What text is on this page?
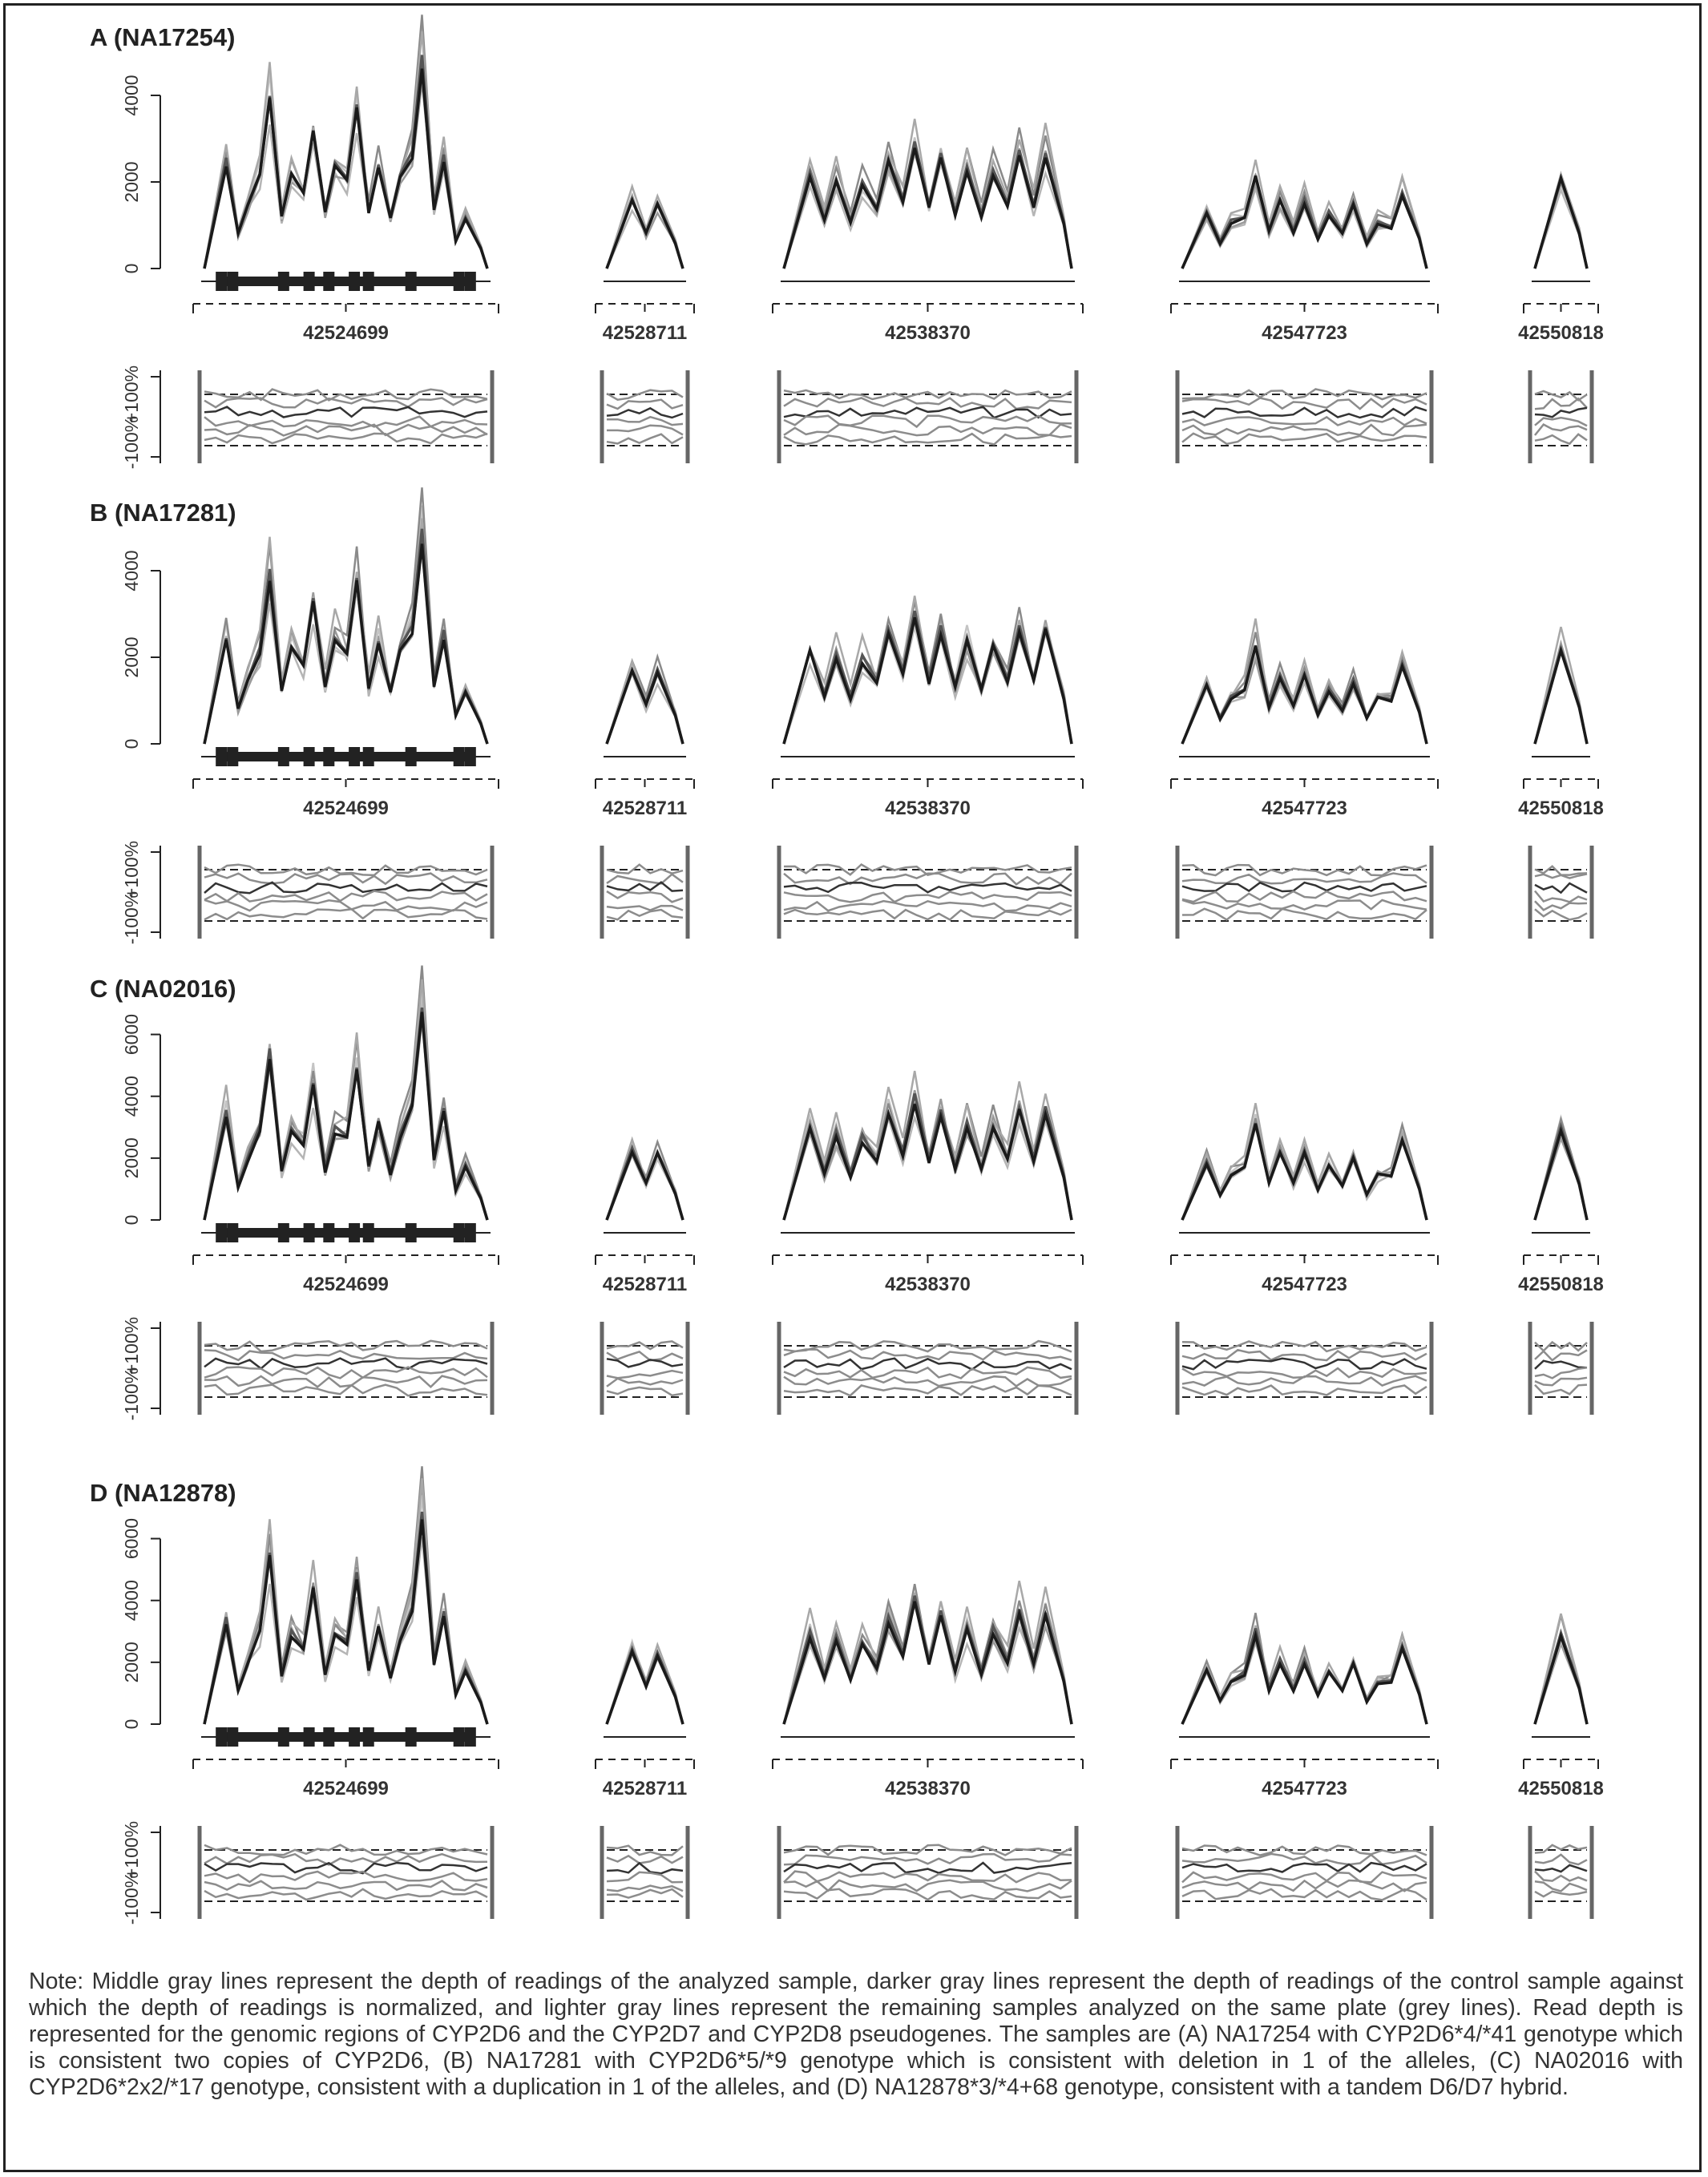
A (NA17254)
0
2000
4000
42524699	42528711	42538370	42547723	42550818
+100%
-100%
B (NA17281)
0
2000
4000
42524699	42528711	42538370	42547723	42550818
+100%
-100%
C (NA02016)
0
2000
4000
6000
42524699	42528711	42538370	42547723	42550818
+100%
-100%
D (NA12878)
0
2000
4000
6000
42524699	42528711	42538370	42547723	42550818
+100%
-100%
Note: Middle gray lines represent the depth of readings of the analyzed sample, darker gray lines represent the depth of readings of the control sample against which the depth of readings is normalized, and lighter gray lines represent the remaining samples analyzed on the same plate (grey lines). Read depth is represented for the genomic regions of CYP2D6 and the CYP2D7 and CYP2D8 pseudogenes. The samples are (A) NA17254 with CYP2D6*4/*41 genotype which is consistent two copies of CYP2D6, (B) NA17281 with CYP2D6*5/*9 genotype which is consistent with deletion in 1 of the alleles, (C) NA02016 with CYP2D6*2x2/*17 genotype, consistent with a duplication in 1 of the alleles, and (D) NA12878*3/*4+68 genotype, consistent with a tandem D6/D7 hybrid.
